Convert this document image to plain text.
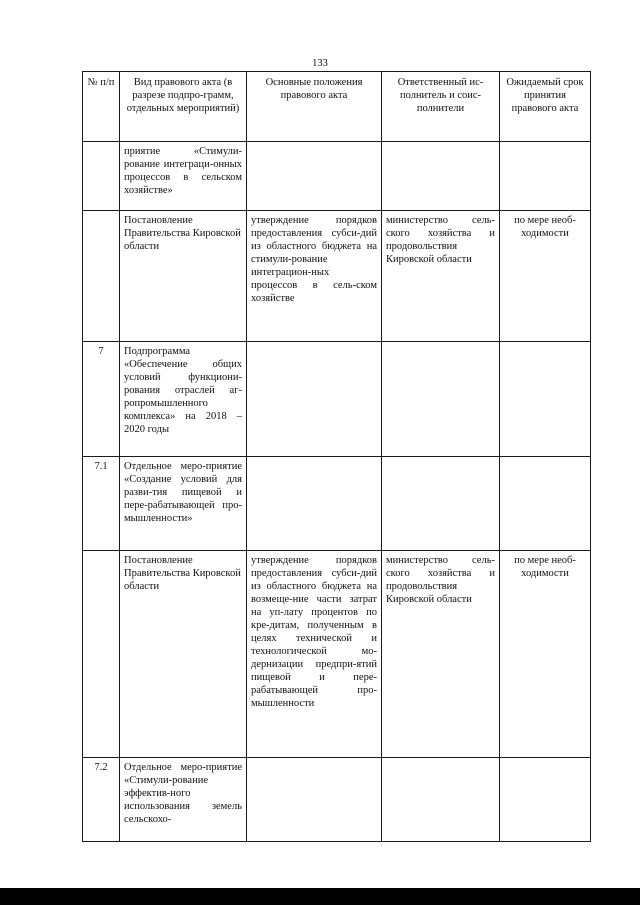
133
№ п/п	Вид правового акта (в разрезе подпро-грамм, отдельных мероприятий)	Основные положения правового акта	Ответственный ис-полнитель и соис-полнители	Ожидаемый срок принятия правового акта
	приятие «Стимули-рование интеграци-онных процессов в сельском хозяйстве»			
	Постановление Правительства Кировской области	утверждение порядков предоставления субси-дий из областного бюджета на стимули-рование интеграцион-ных процессов в сель-ском хозяйстве	министерство сель-ского хозяйства и продовольствия Кировской области	по мере необ-ходимости
7	Подпрограмма «Обеспечение общих условий функциони-рования отраслей аг-ропромышленного комплекса» на 2018 – 2020 годы			
7.1	Отдельное меро-приятие «Создание условий для разви-тия пищевой и пере-рабатывающей про-мышленности»			
	Постановление Правительства Кировской области	утверждение порядков предоставления субси-дий из областного бюджета на возмеще-ние части затрат на уп-лату процентов по кре-дитам, полученным в целях технической и технологической мо-дернизации предпри-ятий пищевой и пере-рабатывающей про-мышленности	министерство сель-ского хозяйства и продовольствия Кировской области	по мере необ-ходимости
7.2	Отдельное меро-приятие «Стимули-рование эффектив-ного использования земель сельскохо-			
